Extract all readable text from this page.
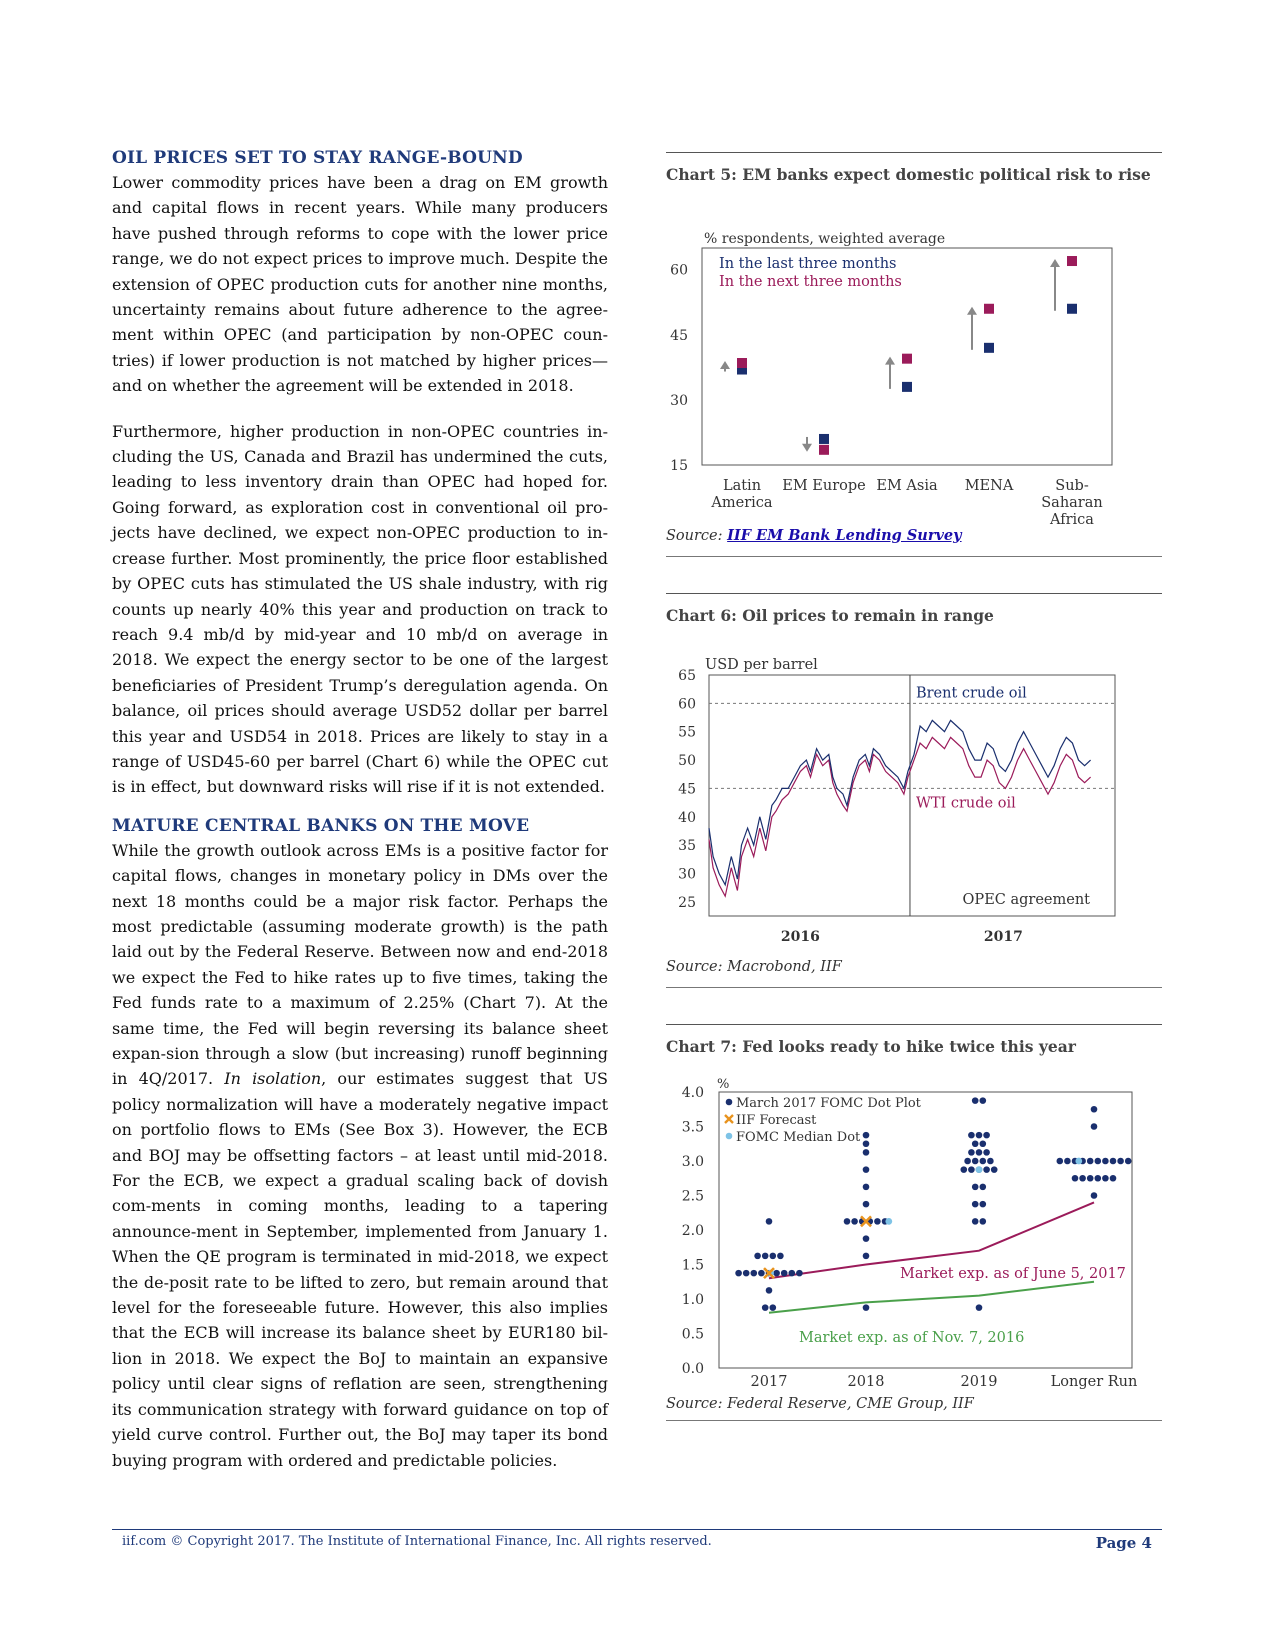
OIL PRICES SET TO STAY RANGE-BOUND

Lower commodity prices have been a drag on EM growth and capital flows in recent years. While many producers have pushed through reforms to cope with the lower price range, we do not expect prices to improve much. Despite the extension of OPEC production cuts for another nine months, uncertainty remains about future adherence to the agree-ment within OPEC (and participation by non-OPEC coun-tries) if lower production is not matched by higher prices—and on whether the agreement will be extended in 2018.

Furthermore, higher production in non-OPEC countries in-cluding the US, Canada and Brazil has undermined the cuts, leading to less inventory drain than OPEC had hoped for. Going forward, as exploration cost in conventional oil pro-jects have declined, we expect non-OPEC production to in-crease further. Most prominently, the price floor established by OPEC cuts has stimulated the US shale industry, with rig counts up nearly 40% this year and production on track to reach 9.4 mb/d by mid-year and 10 mb/d on average in 2018. We expect the energy sector to be one of the largest beneficiaries of President Trump’s deregulation agenda. On balance, oil prices should average USD52 dollar per barrel this year and USD54 in 2018. Prices are likely to stay in a range of USD45-60 per barrel (Chart 6) while the OPEC cut is in effect, but downward risks will rise if it is not extended.

MATURE CENTRAL BANKS ON THE MOVE

While the growth outlook across EMs is a positive factor for capital flows, changes in monetary policy in DMs over the next 18 months could be a major risk factor. Perhaps the most predictable (assuming moderate growth) is the path laid out by the Federal Reserve. Between now and end-2018 we expect the Fed to hike rates up to five times, taking the Fed funds rate to a maximum of 2.25% (Chart 7). At the same time, the Fed will begin reversing its balance sheet expan-sion through a slow (but increasing) runoff beginning in 4Q/2017. In isolation, our estimates suggest that US policy normalization will have a moderately negative impact on portfolio flows to EMs (See Box 3). However, the ECB and BOJ may be offsetting factors – at least until mid-2018. For the ECB, we expect a gradual scaling back of dovish com-ments in coming months, leading to a tapering announce-ment in September, implemented from January 1. When the QE program is terminated in mid-2018, we expect the de-posit rate to be lifted to zero, but remain around that level for the foreseeable future. However, this also implies that the ECB will increase its balance sheet by EUR180 bil-lion in 2018. We expect the BoJ to maintain an expansive policy until clear signs of reflation are seen, strengthening its communication strategy with forward guidance on top of yield curve control. Further out, the BoJ may taper its bond buying program with ordered and predictable policies.

Chart 5: EM banks expect domestic political risk to rise
% respondents, weighted average
15
30
45
60
Latin
America
EM Europe EM Asia MENA	Sub-
Saharan
Africa
In the last three months
In the next three months
Source: IIF EM Bank Lending Survey
Chart 6: Oil prices to remain in range
USD per barrel
25
30
35
40
45
50
55
60
65
Brent crude oil
WTI crude oil
OPEC agreement
2016	2017
Source: Macrobond, IIF
Chart 7: Fed looks ready to hike twice this year
%
0.0
0.5
1.0
1.5
2.0
2.5
3.0
3.5
4.0
2017	2018	2019	Longer Run
Market exp. as of June 5, 2017
Market exp. as of Nov. 7, 2016
March 2017 FOMC Dot Plot
IIF Forecast
FOMC Median Dot
Source: Federal Reserve, CME Group, IIF
iif.com © Copyright 2017. The Institute of International Finance, Inc. All rights reserved.	Page 4
